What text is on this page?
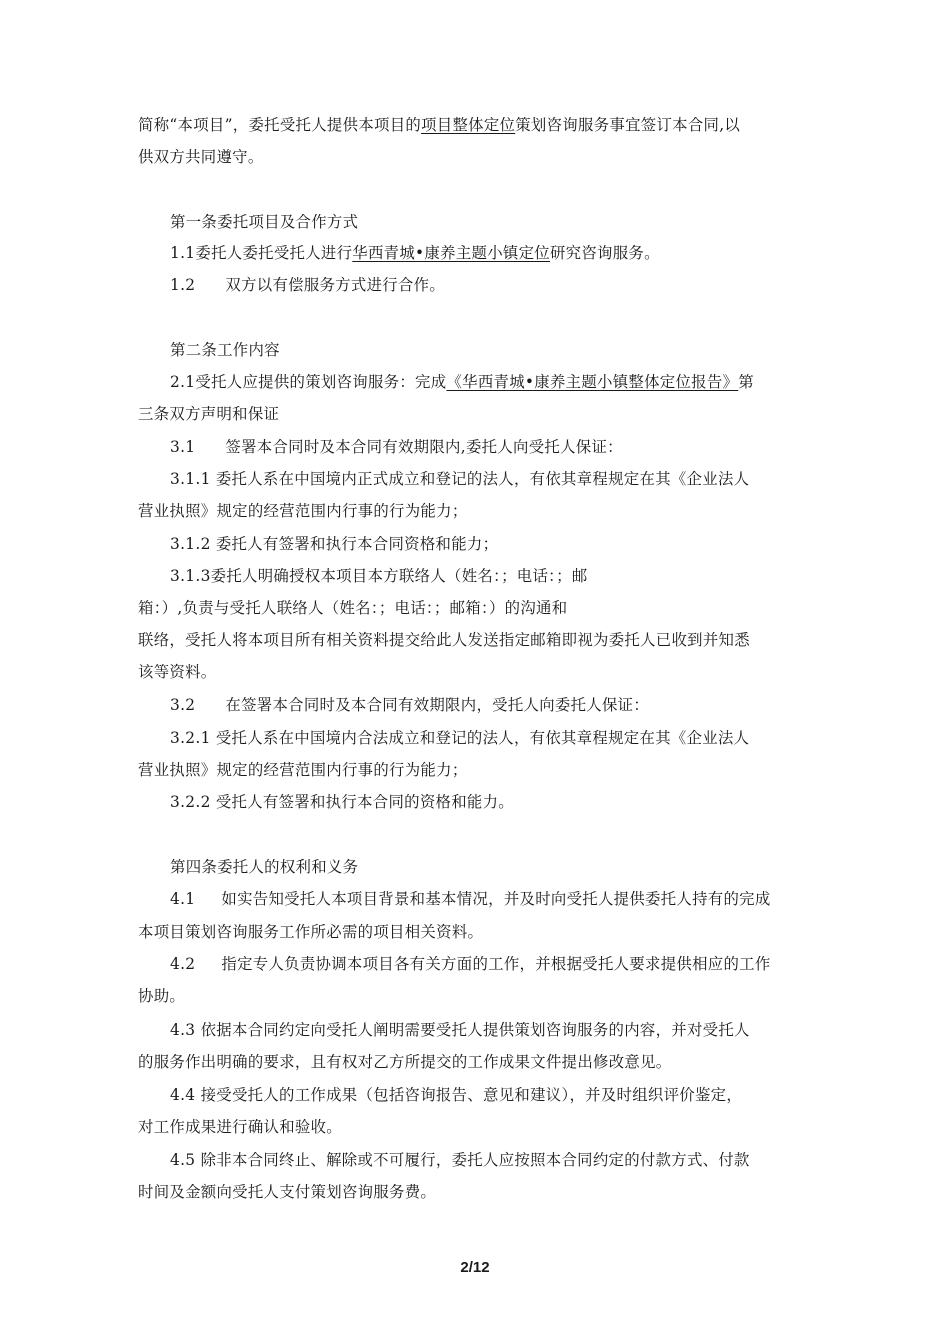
简称“本项目”，委托受托人提供本项目的项目整体定位策划咨询服务事宜签订本合同,以
供双方共同遵守。
第一条委托项目及合作方式
1.1委托人委托受托人进行华西青城•康养主题小镇定位研究咨询服务。
1.2 双方以有偿服务方式进行合作。
第二条工作内容
2.1受托人应提供的策划咨询服务：完成《华西青城•康养主题小镇整体定位报告》第
三条双方声明和保证
3.1 签署本合同时及本合同有效期限内,委托人向受托人保证：
3.1.1 委托人系在中国境内正式成立和登记的法人，有依其章程规定在其《企业法人
营业执照》规定的经营范围内行事的行为能力；
3.1.2 委托人有签署和执行本合同资格和能力；
3.1.3委托人明确授权本项目本方联络人（姓名：；电话：；邮
箱：）,负责与受托人联络人（姓名：；电话：；邮箱：）的沟通和
联络，受托人将本项目所有相关资料提交给此人发送指定邮箱即视为委托人已收到并知悉
该等资料。
3.2 在签署本合同时及本合同有效期限内，受托人向委托人保证：
3.2.1 受托人系在中国境内合法成立和登记的法人，有依其章程规定在其《企业法人
营业执照》规定的经营范围内行事的行为能力；
3.2.2 受托人有签署和执行本合同的资格和能力。
第四条委托人的权利和义务
4.1 如实告知受托人本项目背景和基本情况，并及时向受托人提供委托人持有的完成
本项目策划咨询服务工作所必需的项目相关资料。
4.2 指定专人负责协调本项目各有关方面的工作，并根据受托人要求提供相应的工作
协助。
4.3 依据本合同约定向受托人阐明需要受托人提供策划咨询服务的内容，并对受托人
的服务作出明确的要求，且有权对乙方所提交的工作成果文件提出修改意见。
4.4 接受受托人的工作成果（包括咨询报告、意见和建议），并及时组织评价鉴定，
对工作成果进行确认和验收。
4.5 除非本合同终止、解除或不可履行，委托人应按照本合同约定的付款方式、付款
时间及金额向受托人支付策划咨询服务费。
2/12
